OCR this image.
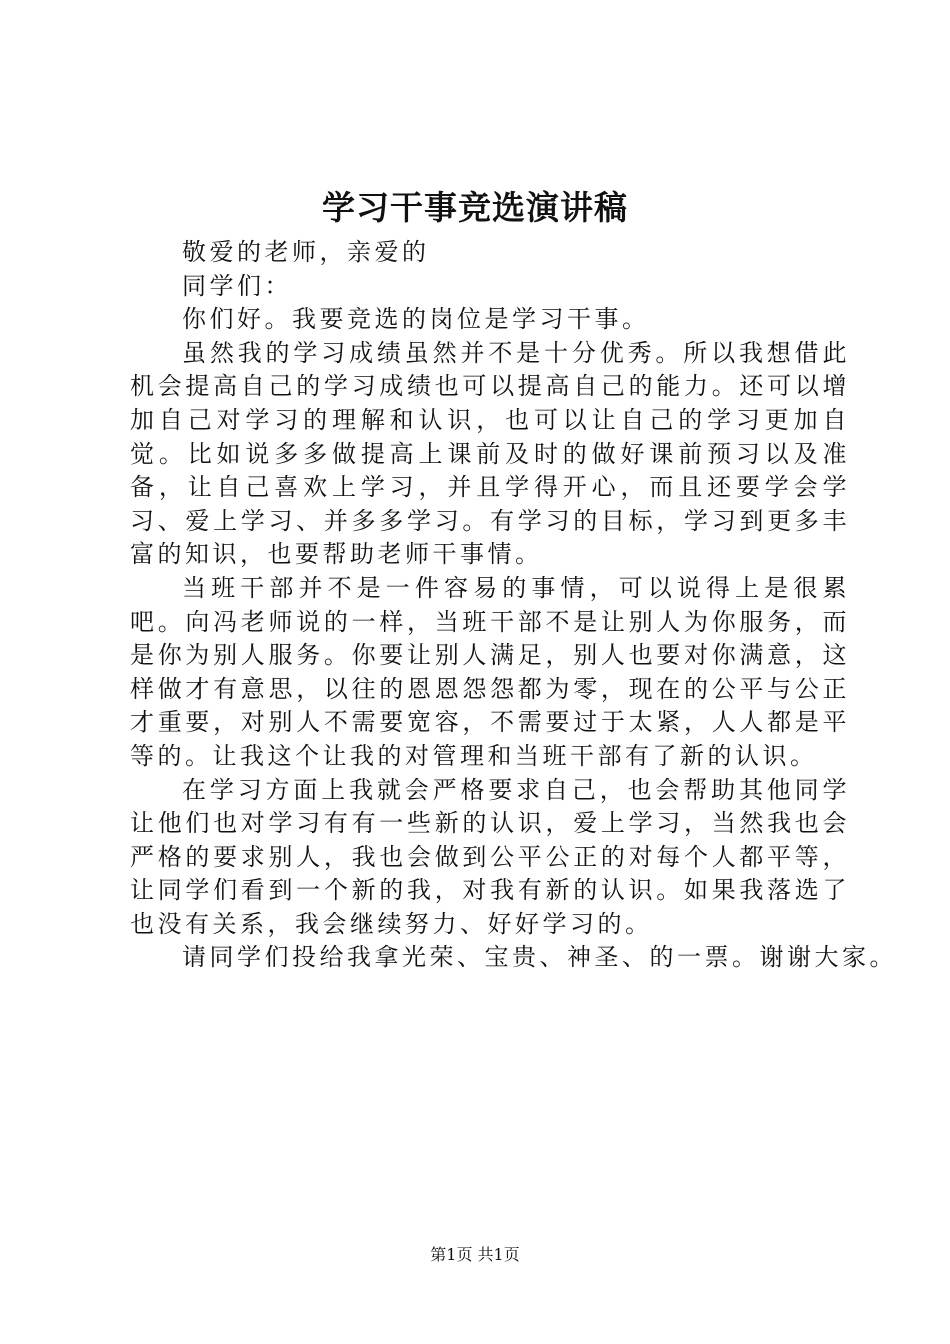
学习干事竞选演讲稿

敬爱的老师，亲爱的

同学们：

你们好。我要竞选的岗位是学习干事。

虽然我的学习成绩虽然并不是十分优秀。所以我想借此机会提高自己的学习成绩也可以提高自己的能力。还可以增加自己对学习的理解和认识，也可以让自己的学习更加自觉。比如说多多做提高上课前及时的做好课前预习以及准备，让自己喜欢上学习，并且学得开心，而且还要学会学习、爱上学习、并多多学习。有学习的目标，学习到更多丰富的知识，也要帮助老师干事情。

当班干部并不是一件容易的事情，可以说得上是很累吧。向冯老师说的一样，当班干部不是让别人为你服务，而是你为别人服务。你要让别人满足，别人也要对你满意，这样做才有意思，以往的恩恩怨怨都为零，现在的公平与公正才重要，对别人不需要宽容，不需要过于太紧，人人都是平等的。让我这个让我的对管理和当班干部有了新的认识。

在学习方面上我就会严格要求自己，也会帮助其他同学让他们也对学习有有一些新的认识，爱上学习，当然我也会严格的要求别人，我也会做到公平公正的对每个人都平等，让同学们看到一个新的我，对我有新的认识。如果我落选了也没有关系，我会继续努力、好好学习的。

请同学们投给我拿光荣、宝贵、神圣、的一票。谢谢大家。

第1页 共1页
